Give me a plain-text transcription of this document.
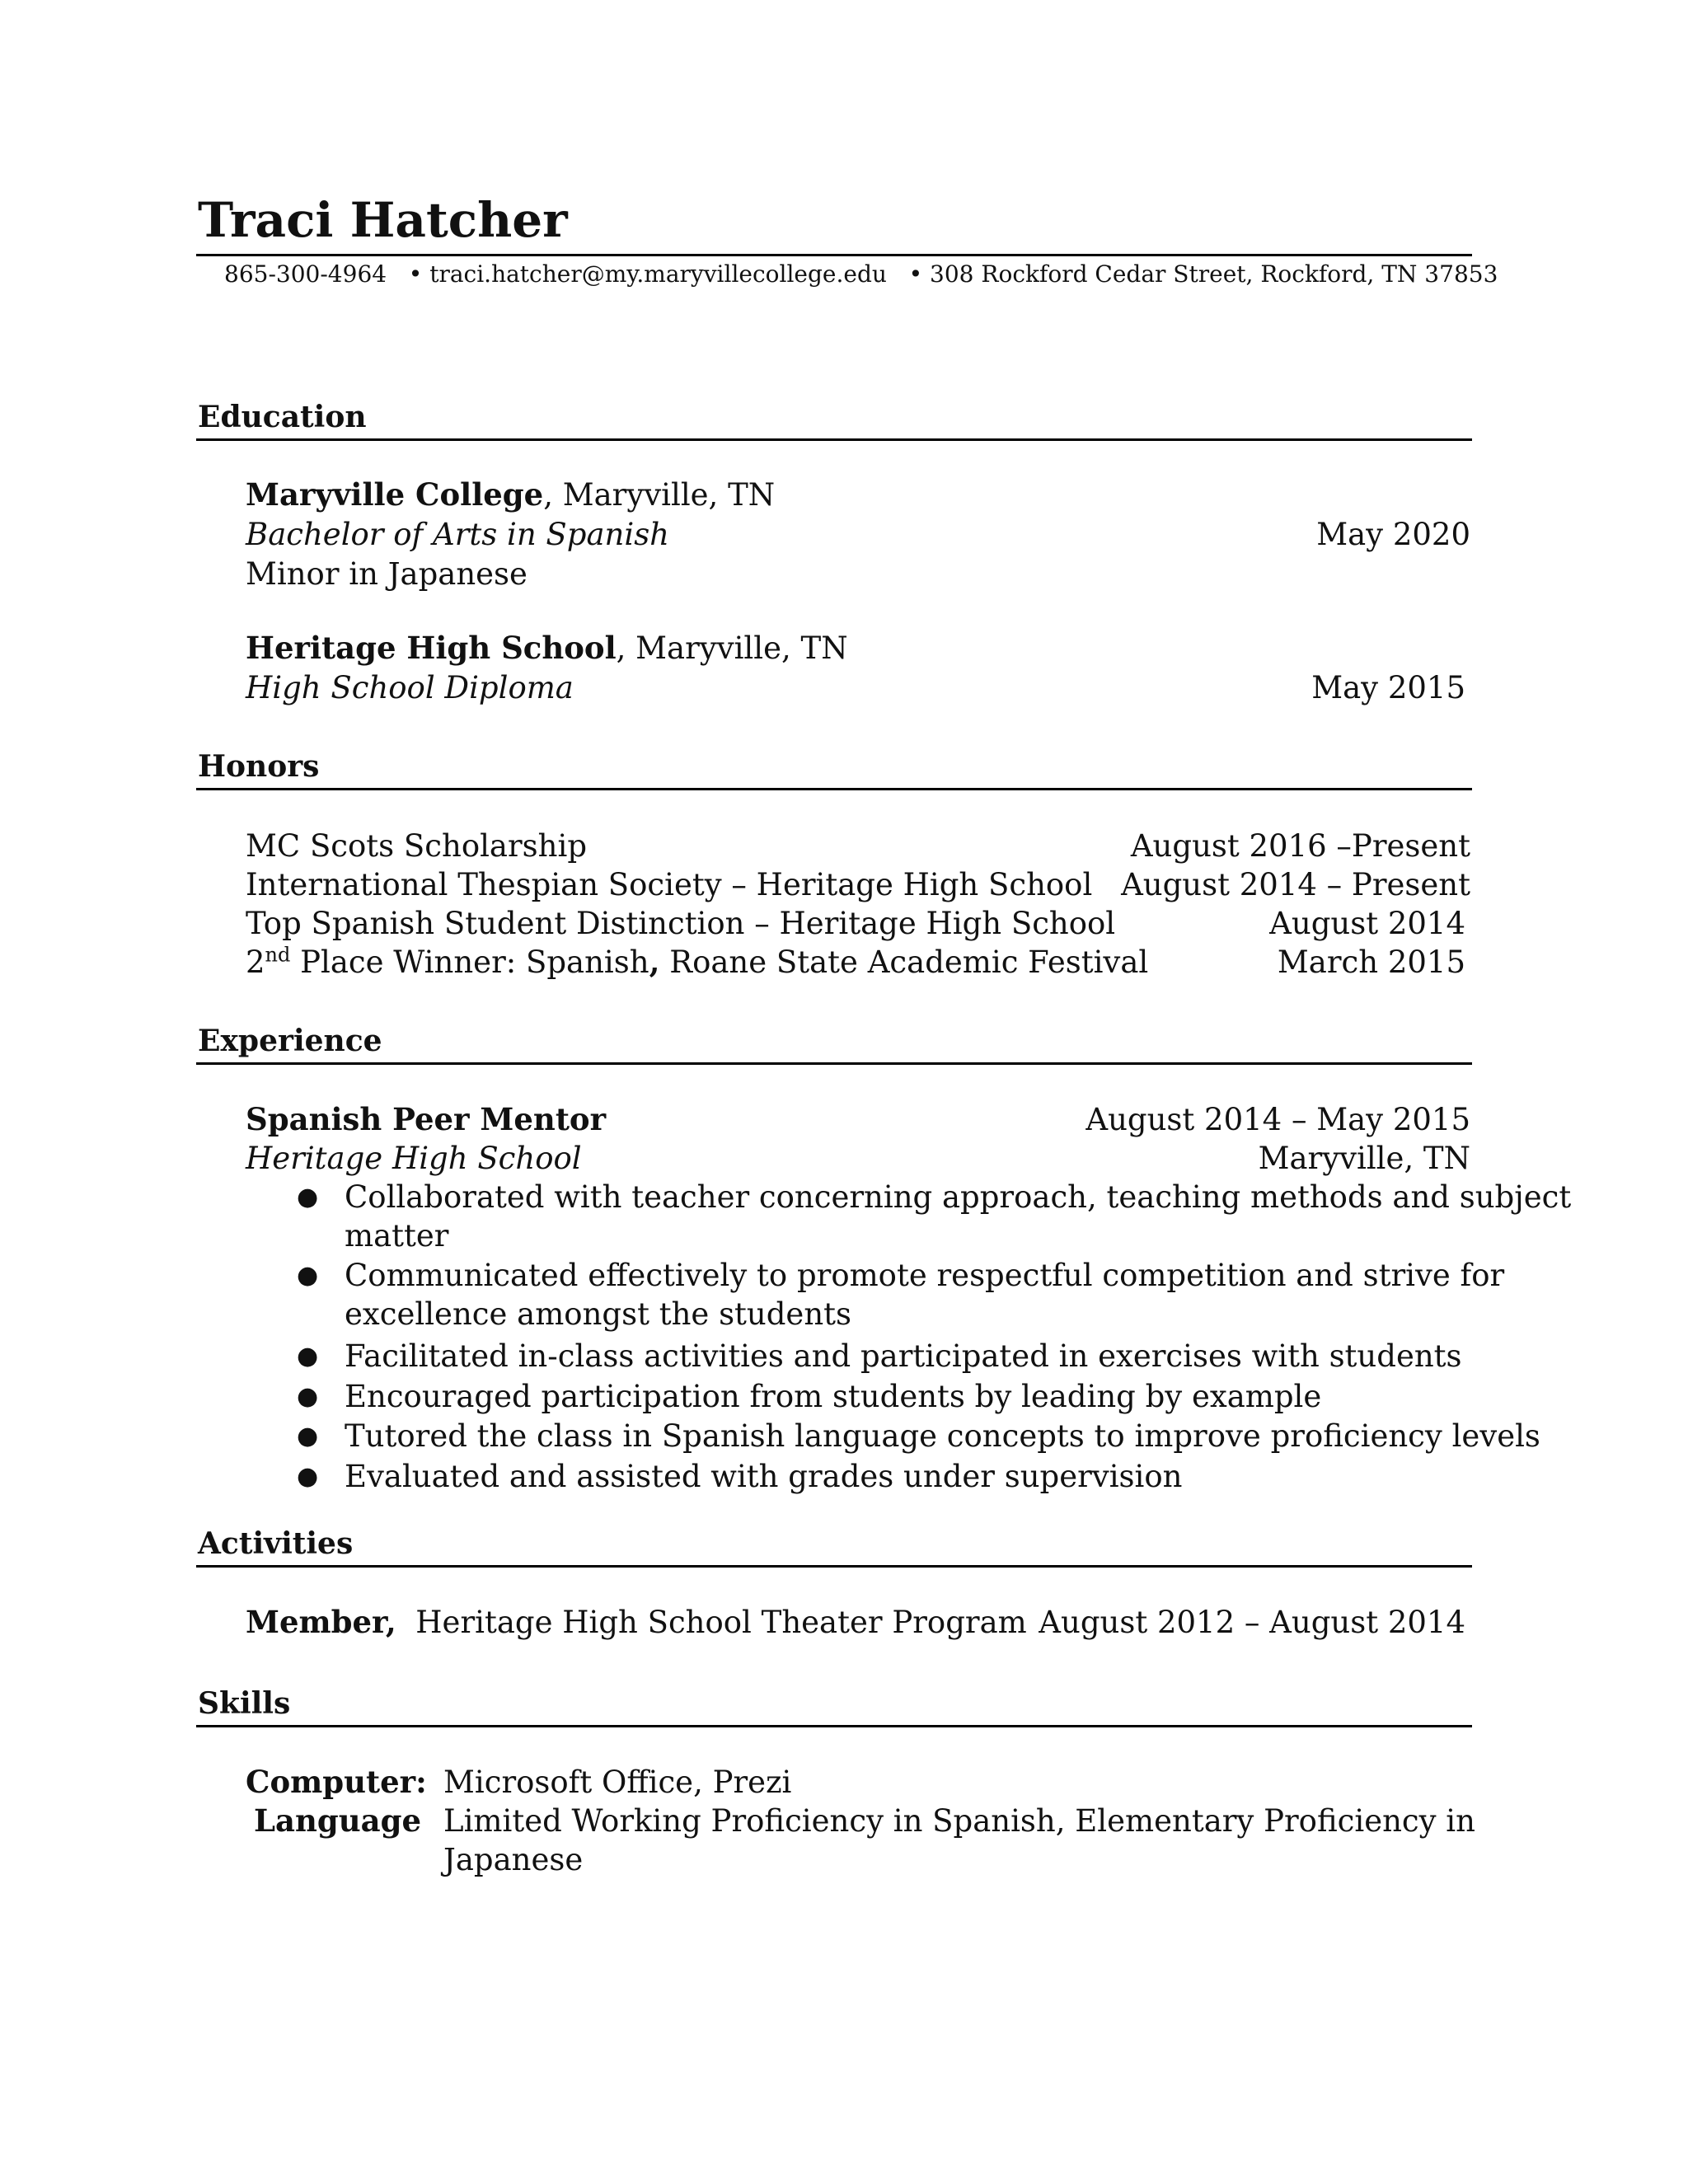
Traci Hatcher
865-300-4964 • traci.hatcher@my.maryvillecollege.edu • 308 Rockford Cedar Street, Rockford, TN 37853
Education
Maryville College, Maryville, TN
Bachelor of Arts in Spanish	May 2020
Minor in Japanese
Heritage High School, Maryville, TN
High School Diploma	May 2015
Honors
MC Scots Scholarship	August 2016 –Present
International Thespian Society – Heritage High School August 2014 – Present
Top Spanish Student Distinction – Heritage High School	August 2014
2nd Place Winner: Spanish, Roane State Academic Festival	March 2015
Experience
Spanish Peer Mentor	August 2014 – May 2015
Heritage High School	Maryville, TN
● Collaborated with teacher concerning approach, teaching methods and subject
matter
● Communicated effectively to promote respectful competition and strive for
excellence amongst the students
● Facilitated in-class activities and participated in exercises with students
● Encouraged participation from students by leading by example
● Tutored the class in Spanish language concepts to improve proficiency levels
● Evaluated and assisted with grades under supervision
Activities
Member, Heritage High School Theater Program August 2012 – August 2014
Skills
Computer: Microsoft Office, Prezi
Language Limited Working Proficiency in Spanish, Elementary Proficiency in
Japanese
